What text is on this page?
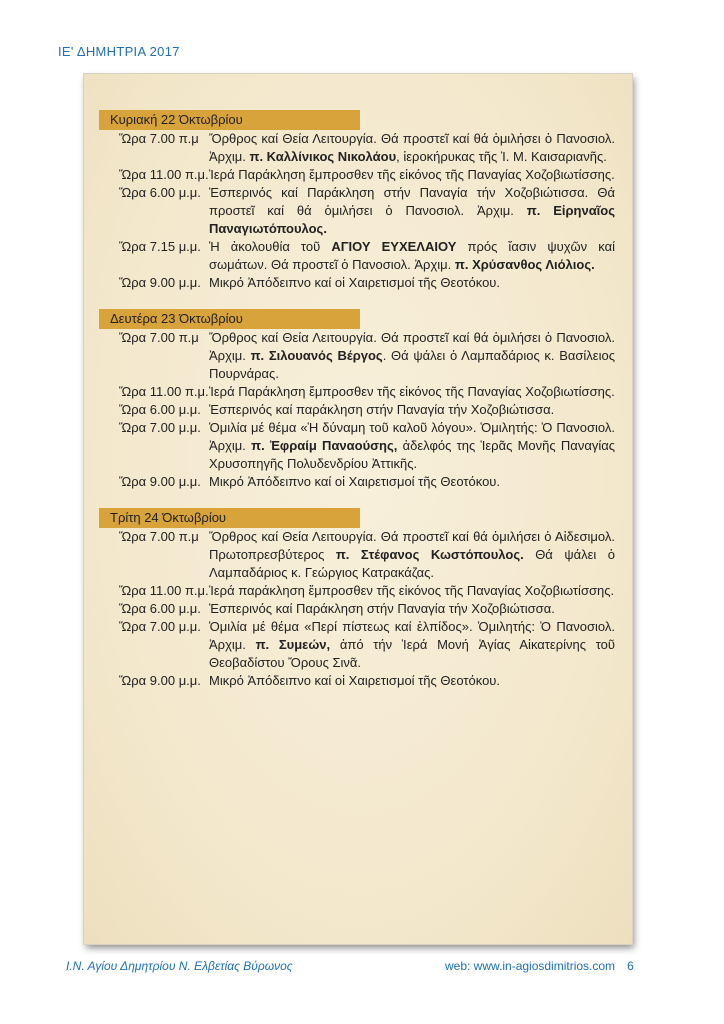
ΙΕ' ΔΗΜΗΤΡΙΑ 2017
Κυριακή 22 Όκτωβρίου
Ὥρα 7.00 π.μ Ὄρθρος καί Θεία Λειτουργία. Θά προστεῖ καί θά ὁμιλήσει ὁ Πανοσιολ. Ἀρχιμ. π. Καλλίνικος Νικολάου, ἱεροκήρυκας τῆς Ἱ. Μ. Καισαριανῆς.
Ὥρα 11.00 π.μ. Ἱερά Παράκληση ἔμπροσθεν τῆς εἰκόνος τῆς Παναγίας Χοζοβιωτίσσης.
Ὥρα 6.00 μ.μ. Ἑσπερινός καί Παράκληση στήν Παναγία τήν Χοζοβιώτισσα. Θά προστεῖ καί θά ὁμιλήσει ὁ Πανοσιολ. Ἀρχιμ. π. Εἰρηναῖος Παναγιωτόπουλος.
Ὥρα 7.15 μ.μ. Ἡ ἀκολουθία τοῦ ΑΓΙΟΥ ΕΥΧΕΛΑΙΟΥ πρός ἴασιν ψυχῶν καί σωμάτων. Θά προστεῖ ὁ Πανοσιολ. Ἀρχιμ. π. Χρύσανθος Λιόλιος.
Ὥρα 9.00 μ.μ. Μικρό Ἀπόδειπνο καί οἱ Χαιρετισμοί τῆς Θεοτόκου.
Δευτέρα 23 Όκτωβρίου
Ὥρα 7.00 π.μ Ὄρθρος καί Θεία Λειτουργία. Θά προστεῖ καί θά ὁμιλήσει ὁ Πανοσιολ. Ἀρχιμ. π. Σιλουανός Βέργος. Θά ψάλει ὁ Λαμπαδάριος κ. Βασίλειος Πουρνάρας.
Ὥρα 11.00 π.μ. Ἱερά Παράκληση ἔμπροσθεν τῆς εἰκόνος τῆς Παναγίας Χοζοβιωτίσσης.
Ὥρα 6.00 μ.μ. Ἑσπερινός καί παράκληση στήν Παναγία τήν Χοζοβιώτισσα.
Ὥρα 7.00 μ.μ. Ὁμιλία μέ θέμα «Ἡ δύναμη τοῦ καλοῦ λόγου». Ὁμιλητής: Ὁ Πανοσιολ. Ἀρχιμ. π. Ἐφραίμ Παναούσης, ἀδελφός της Ἱερᾶς Μονῆς Παναγίας Χρυσοπηγῆς Πολυδενδρίου Ἀττικῆς.
Ὥρα 9.00 μ.μ. Μικρό Ἀπόδειπνο καί οἱ Χαιρετισμοί τῆς Θεοτόκου.
Τρίτη 24 Όκτωβρίου
Ὥρα 7.00 π.μ Ὄρθρος καί Θεία Λειτουργία. Θά προστεῖ καί θά ὁμιλήσει ὁ Αἰδεσιμολ. Πρωτοπρεσβύτερος π. Στέφανος Κωστόπουλος. Θά ψάλει ὁ Λαμπαδάριος κ. Γεώργιος Κατρακάζας.
Ὥρα 11.00 π.μ. Ἱερά παράκληση ἔμπροσθεν τῆς εἰκόνος τῆς Παναγίας Χοζοβιωτίσσης.
Ὥρα 6.00 μ.μ. Ἑσπερινός καί Παράκληση στήν Παναγία τήν Χοζοβιώτισσα.
Ὥρα 7.00 μ.μ. Ὁμιλία μέ θέμα «Περί πίστεως καί ἐλπίδος». Ὁμιλητής: Ὁ Πανοσιολ. Ἀρχιμ. π. Συμεών, ἀπό τήν Ἱερά Μονή Ἁγίας Αἰκατερίνης τοῦ Θεοβαδίστου Ὄρους Σινᾶ.
Ὥρα 9.00 μ.μ. Μικρό Ἀπόδειπνο καί οἱ Χαιρετισμοί τῆς Θεοτόκου.
Ι.Ν. Αγίου Δημητρίου Ν. Ελβετίας Βύρωνος	web: www.in-agiosdimitrios.com 6
